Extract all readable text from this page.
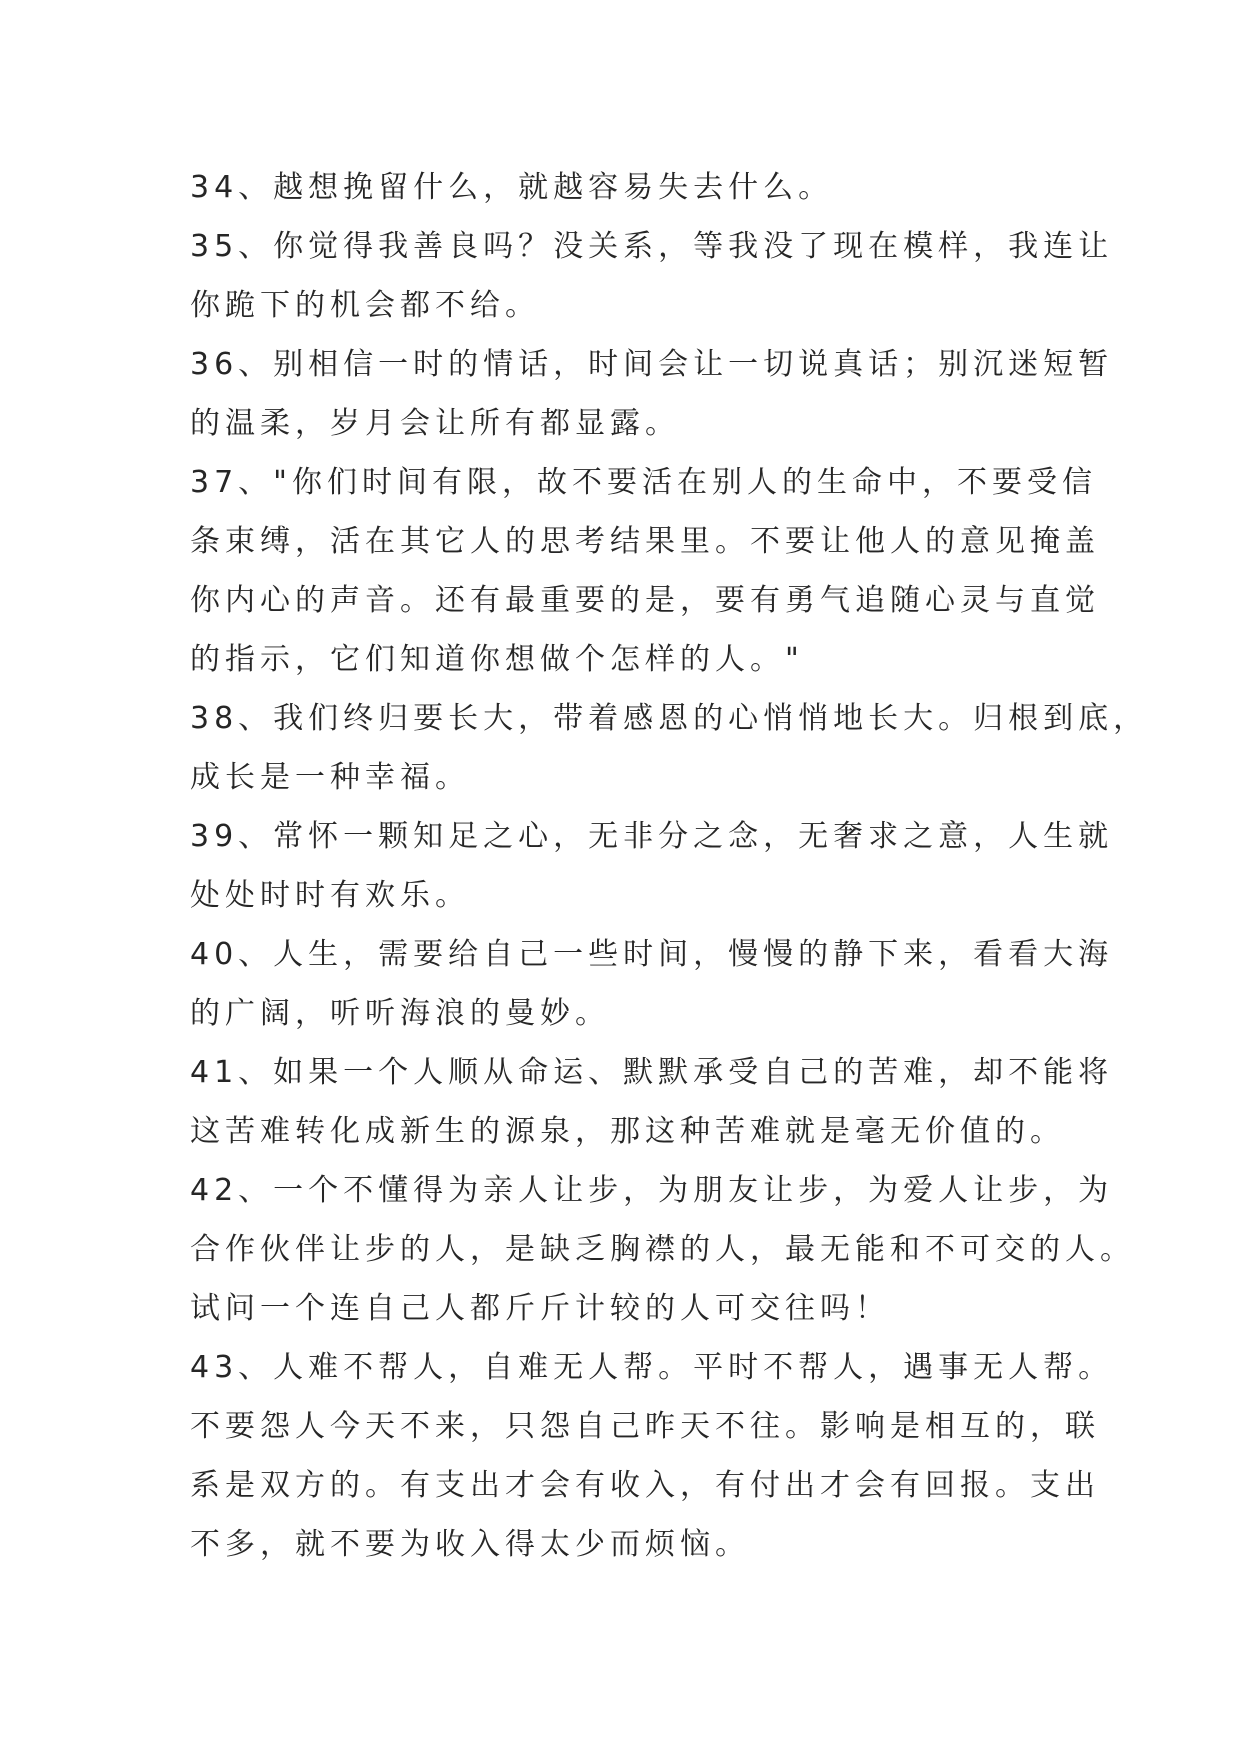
34、越想挽留什么，就越容易失去什么。

35、你觉得我善良吗？没关系，等我没了现在模样，我连让
你跪下的机会都不给。

36、别相信一时的情话，时间会让一切说真话；别沉迷短暂
的温柔，岁月会让所有都显露。

37、"你们时间有限，故不要活在别人的生命中，不要受信
条束缚，活在其它人的思考结果里。不要让他人的意见掩盖
你内心的声音。还有最重要的是，要有勇气追随心灵与直觉
的指示，它们知道你想做个怎样的人。"

38、我们终归要长大，带着感恩的心悄悄地长大。归根到底，
成长是一种幸福。

39、常怀一颗知足之心，无非分之念，无奢求之意，人生就
处处时时有欢乐。

40、人生，需要给自己一些时间，慢慢的静下来，看看大海
的广阔，听听海浪的曼妙。

41、如果一个人顺从命运、默默承受自己的苦难，却不能将
这苦难转化成新生的源泉，那这种苦难就是毫无价值的。

42、一个不懂得为亲人让步，为朋友让步，为爱人让步，为
合作伙伴让步的人，是缺乏胸襟的人，最无能和不可交的人。
试问一个连自己人都斤斤计较的人可交往吗！

43、人难不帮人，自难无人帮。平时不帮人，遇事无人帮。
不要怨人今天不来，只怨自己昨天不往。影响是相互的，联
系是双方的。有支出才会有收入，有付出才会有回报。支出
不多，就不要为收入得太少而烦恼。
